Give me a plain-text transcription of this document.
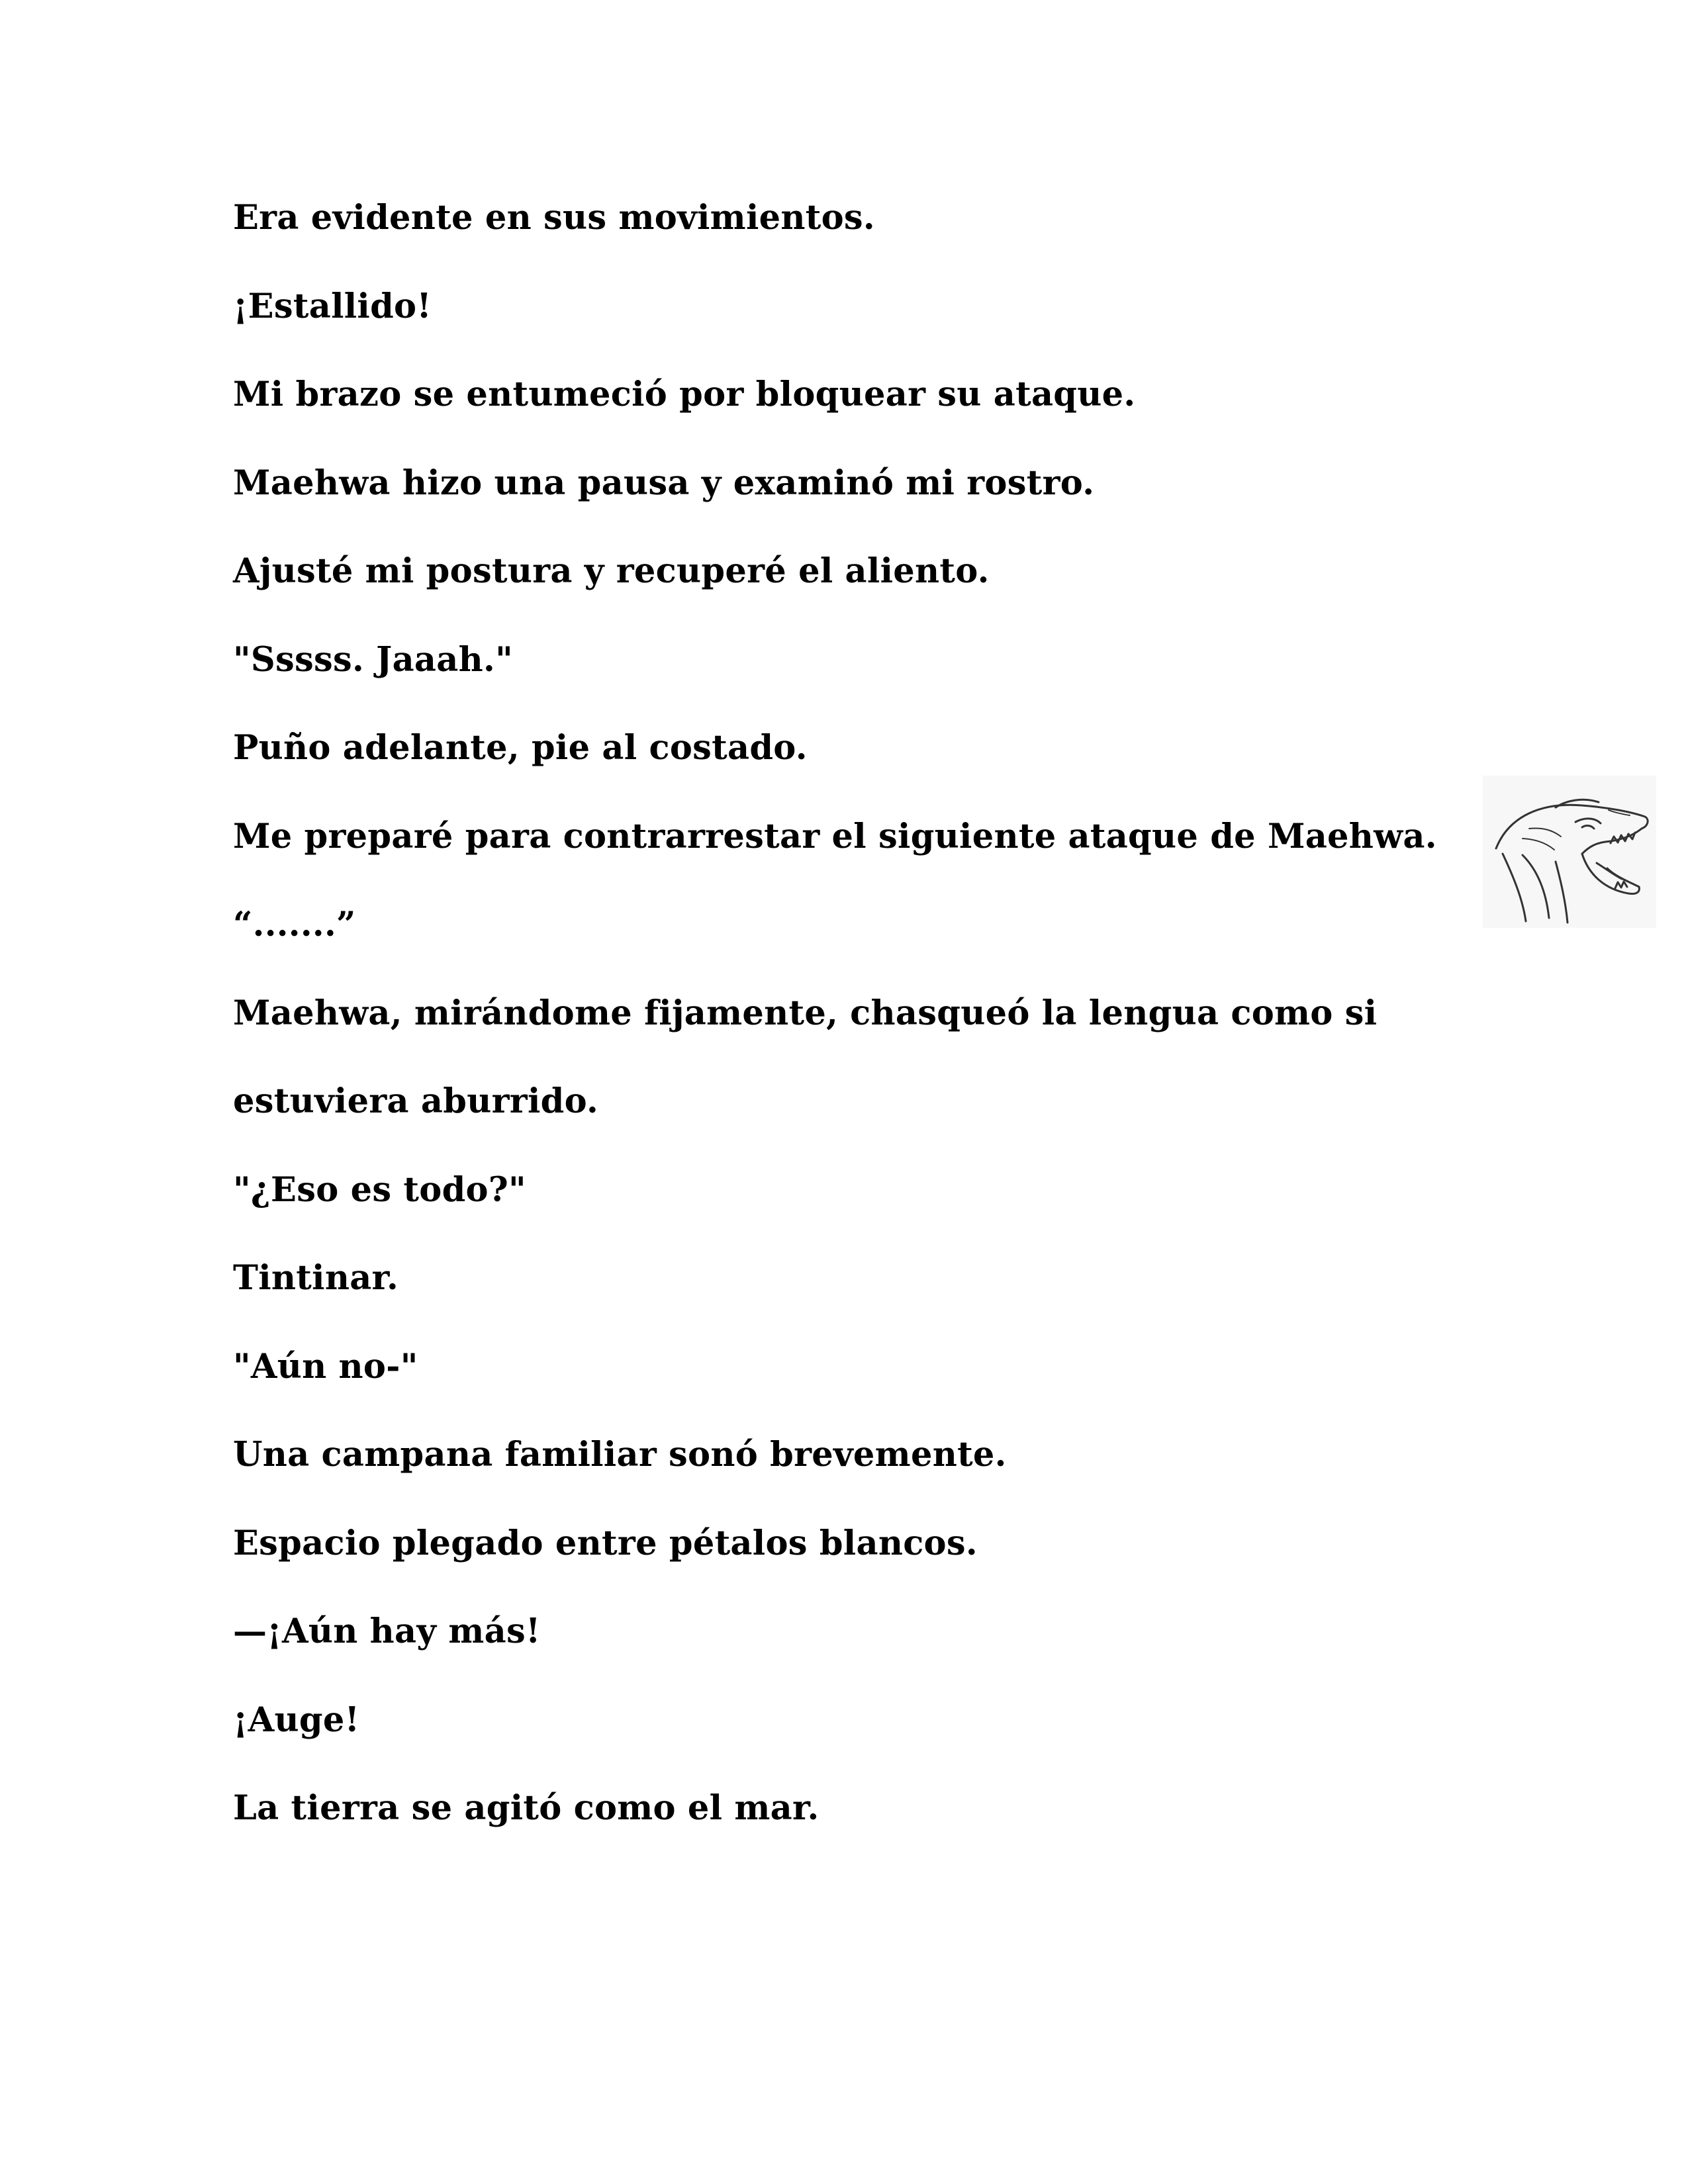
Era evidente en sus movimientos.
¡Estallido!
Mi brazo se entumeció por bloquear su ataque.
Maehwa hizo una pausa y examinó mi rostro.
Ajusté mi postura y recuperé el aliento.
"Sssss. Jaaah."
Puño adelante, pie al costado.
Me preparé para contrarrestar el siguiente ataque de Maehwa.
“.......”
Maehwa, mirándome fijamente, chasqueó la lengua como si
estuviera aburrido.
"¿Eso es todo?"
Tintinar.
"Aún no-"
Una campana familiar sonó brevemente.
Espacio plegado entre pétalos blancos.
—¡Aún hay más!
¡Auge!
La tierra se agitó como el mar.
